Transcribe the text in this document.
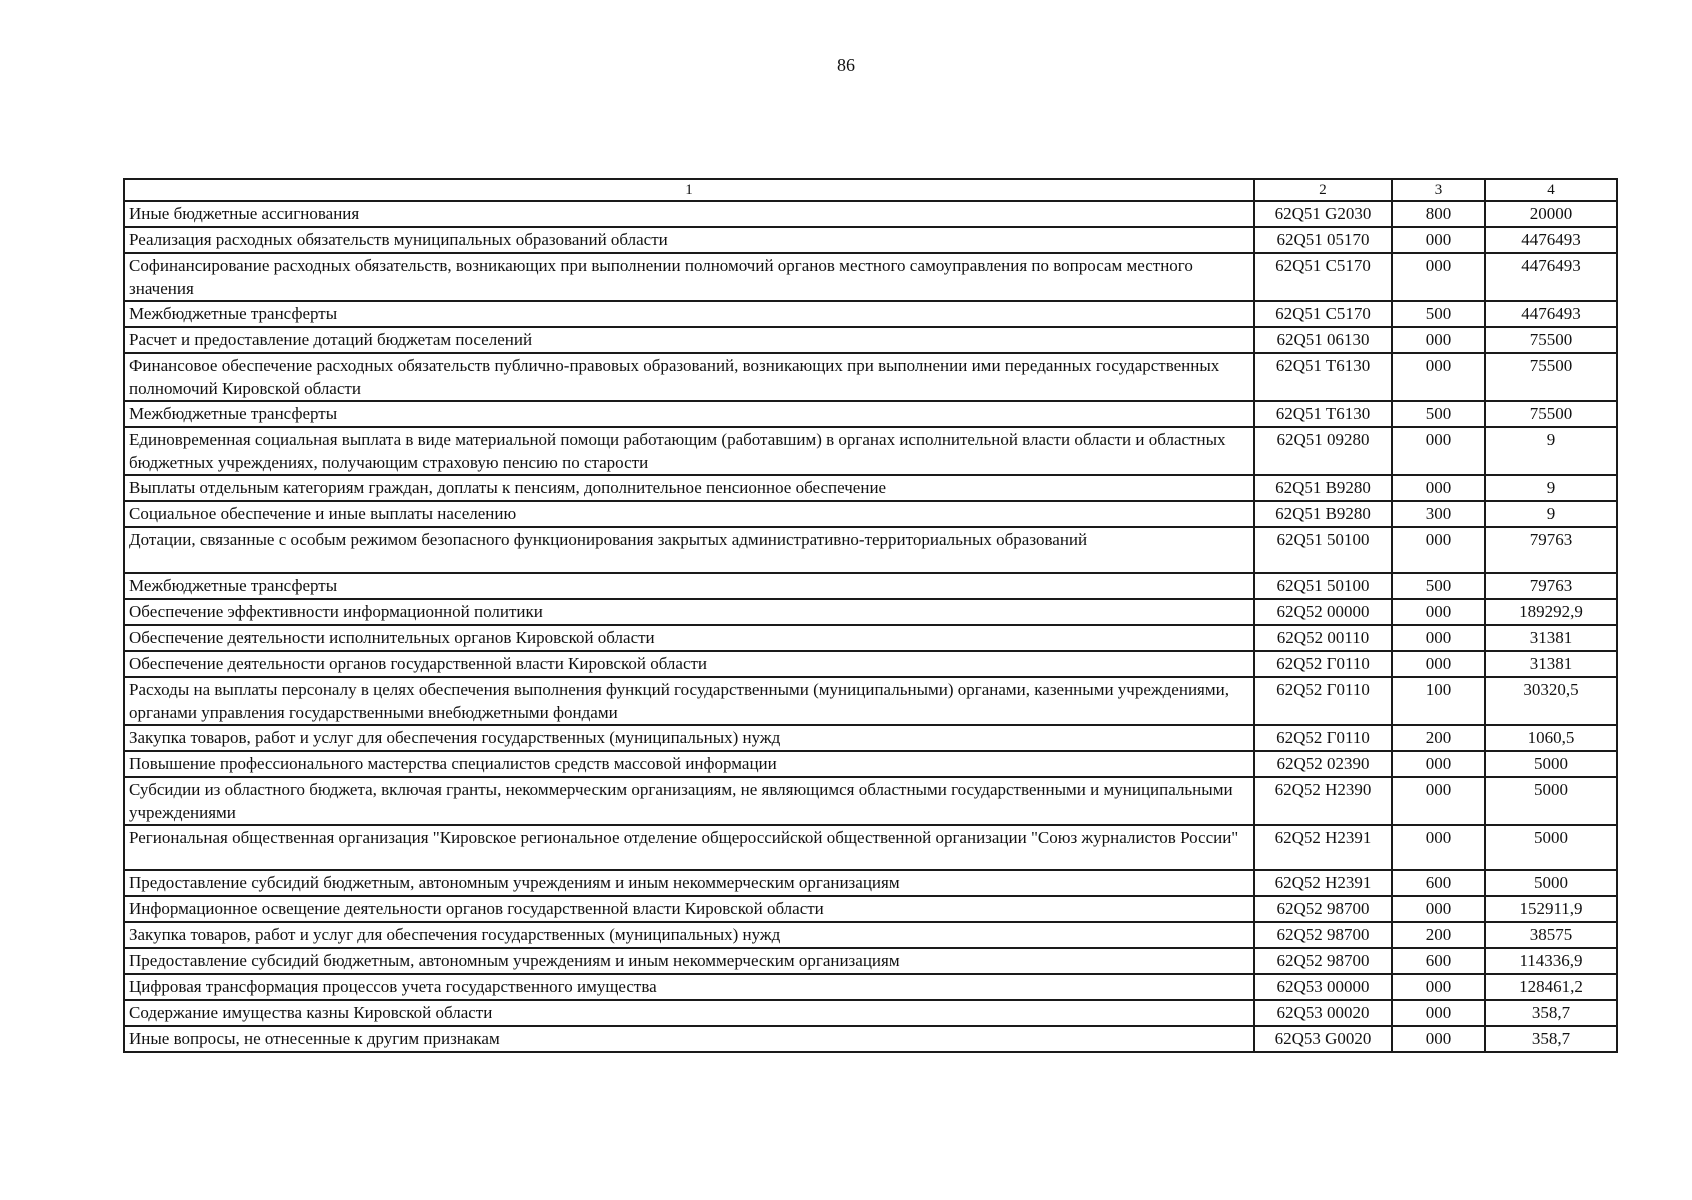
86
1	2	3	4
Иные бюджетные ассигнования	62Q51 G2030	800	20000
Реализация расходных обязательств муниципальных образований области	62Q51 05170	000	4476493
Софинансирование расходных обязательств, возникающих при выполнении полномочий органов местного самоуправления по вопросам местного значения	62Q51 C5170	000	4476493
Межбюджетные трансферты	62Q51 C5170	500	4476493
Расчет и предоставление дотаций бюджетам поселений	62Q51 06130	000	75500
Финансовое обеспечение расходных обязательств публично-правовых образований, возникающих при выполнении ими переданных государственных полномочий Кировской области	62Q51 T6130	000	75500
Межбюджетные трансферты	62Q51 T6130	500	75500
Единовременная социальная выплата в виде материальной помощи работающим (работавшим) в органах исполнительной власти области и областных бюджетных учреждениях, получающим страховую пенсию по старости	62Q51 09280	000	9
Выплаты отдельным категориям граждан, доплаты к пенсиям, дополнительное пенсионное обеспечение	62Q51 B9280	000	9
Социальное обеспечение и иные выплаты населению	62Q51 B9280	300	9
Дотации, связанные с особым режимом безопасного функционирования закрытых административно-территориальных образований	62Q51 50100	000	79763
Межбюджетные трансферты	62Q51 50100	500	79763
Обеспечение эффективности информационной политики	62Q52 00000	000	189292,9
Обеспечение деятельности исполнительных органов Кировской области	62Q52 00110	000	31381
Обеспечение деятельности органов государственной власти Кировской области	62Q52 Г0110	000	31381
Расходы на выплаты персоналу в целях обеспечения выполнения функций государственными (муниципальными) органами, казенными учреждениями, органами управления государственными внебюджетными фондами	62Q52 Г0110	100	30320,5
Закупка товаров, работ и услуг для обеспечения государственных (муниципальных) нужд	62Q52 Г0110	200	1060,5
Повышение профессионального мастерства специалистов средств массовой информации	62Q52 02390	000	5000
Субсидии из областного бюджета, включая гранты, некоммерческим организациям, не являющимся областными государственными и муниципальными учреждениями	62Q52 H2390	000	5000
Региональная общественная организация "Кировское региональное отделение общероссийской общественной организации "Союз журналистов России"	62Q52 H2391	000	5000
Предоставление субсидий бюджетным, автономным учреждениям и иным некоммерческим организациям	62Q52 H2391	600	5000
Информационное освещение деятельности органов государственной власти Кировской области	62Q52 98700	000	152911,9
Закупка товаров, работ и услуг для обеспечения государственных (муниципальных) нужд	62Q52 98700	200	38575
Предоставление субсидий бюджетным, автономным учреждениям и иным некоммерческим организациям	62Q52 98700	600	114336,9
Цифровая трансформация процессов учета государственного имущества	62Q53 00000	000	128461,2
Содержание имущества казны Кировской области	62Q53 00020	000	358,7
Иные вопросы, не отнесенные к другим признакам	62Q53 G0020	000	358,7
